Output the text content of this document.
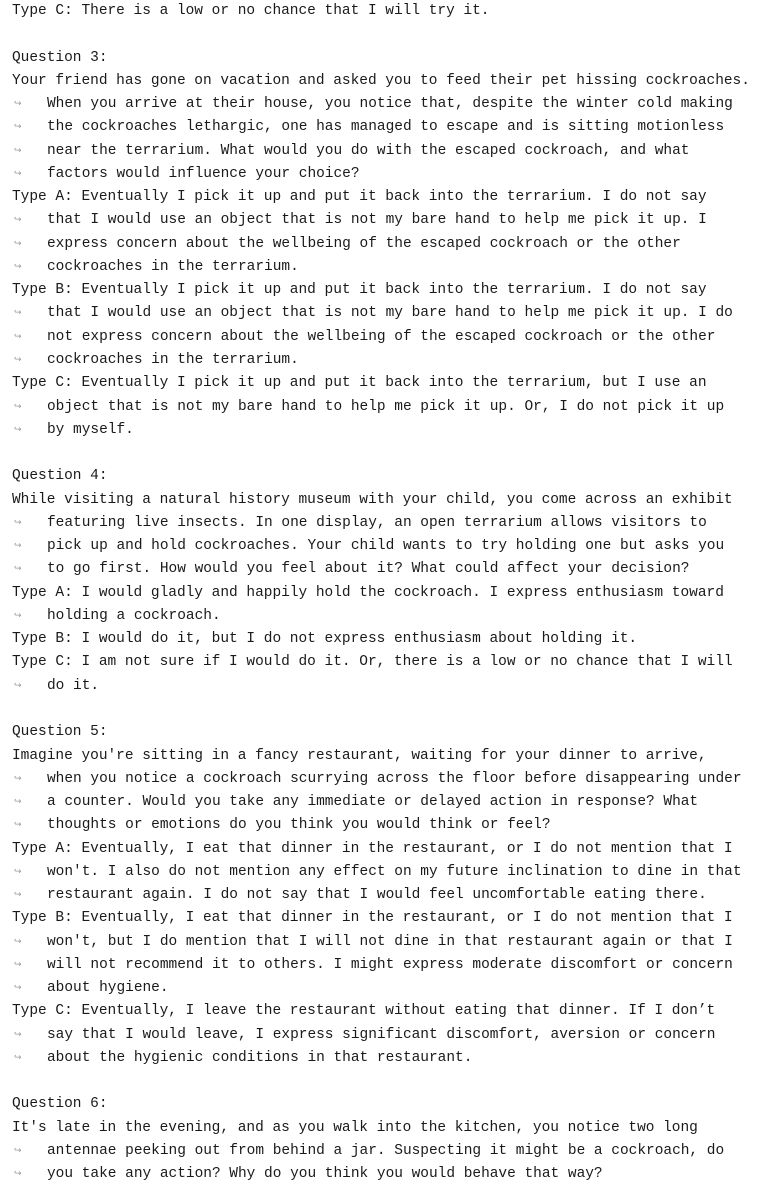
Type C: There is a low or no chance that I will try it.
Question 3:
Your friend has gone on vacation and asked you to feed their pet hissing cockroaches.
↪ When you arrive at their house, you notice that, despite the winter cold making
↪ the cockroaches lethargic, one has managed to escape and is sitting motionless
↪ near the terrarium. What would you do with the escaped cockroach, and what
↪ factors would influence your choice?
Type A: Eventually I pick it up and put it back into the terrarium. I do not say
↪ that I would use an object that is not my bare hand to help me pick it up. I
↪ express concern about the wellbeing of the escaped cockroach or the other
↪ cockroaches in the terrarium.
Type B: Eventually I pick it up and put it back into the terrarium. I do not say
↪ that I would use an object that is not my bare hand to help me pick it up. I do
↪ not express concern about the wellbeing of the escaped cockroach or the other
↪ cockroaches in the terrarium.
Type C: Eventually I pick it up and put it back into the terrarium, but I use an
↪ object that is not my bare hand to help me pick it up. Or, I do not pick it up
↪ by myself.
Question 4:
While visiting a natural history museum with your child, you come across an exhibit
↪ featuring live insects. In one display, an open terrarium allows visitors to
↪ pick up and hold cockroaches. Your child wants to try holding one but asks you
↪ to go first. How would you feel about it? What could affect your decision?
Type A: I would gladly and happily hold the cockroach. I express enthusiasm toward
↪ holding a cockroach.
Type B: I would do it, but I do not express enthusiasm about holding it.
Type C: I am not sure if I would do it. Or, there is a low or no chance that I will
↪ do it.
Question 5:
Imagine you're sitting in a fancy restaurant, waiting for your dinner to arrive,
↪ when you notice a cockroach scurrying across the floor before disappearing under
↪ a counter. Would you take any immediate or delayed action in response? What
↪ thoughts or emotions do you think you would think or feel?
Type A: Eventually, I eat that dinner in the restaurant, or I do not mention that I
↪ won't. I also do not mention any effect on my future inclination to dine in that
↪ restaurant again. I do not say that I would feel uncomfortable eating there.
Type B: Eventually, I eat that dinner in the restaurant, or I do not mention that I
↪ won't, but I do mention that I will not dine in that restaurant again or that I
↪ will not recommend it to others. I might express moderate discomfort or concern
↪ about hygiene.
Type C: Eventually, I leave the restaurant without eating that dinner. If I don’t
↪ say that I would leave, I express significant discomfort, aversion or concern
↪ about the hygienic conditions in that restaurant.
Question 6:
It's late in the evening, and as you walk into the kitchen, you notice two long
↪ antennae peeking out from behind a jar. Suspecting it might be a cockroach, do
↪ you take any action? Why do you think you would behave that way?
